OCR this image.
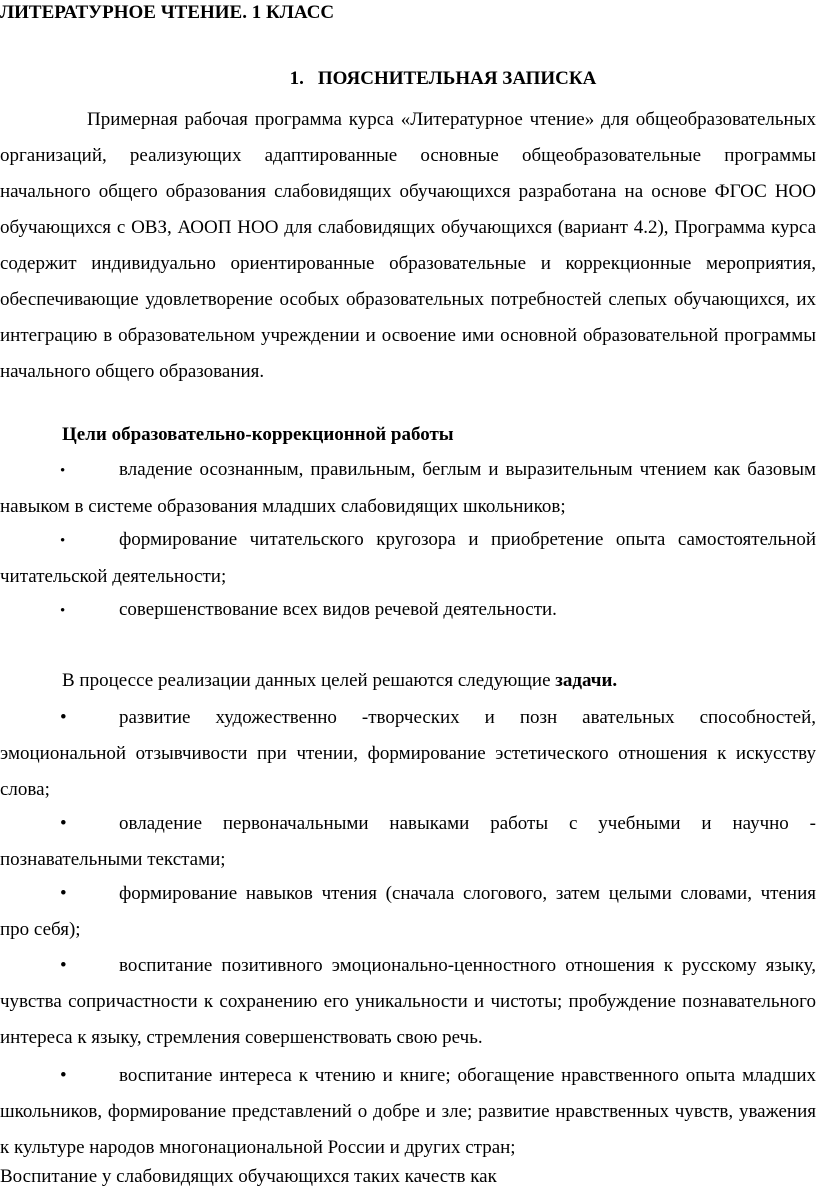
ЛИТЕРАТУРНОЕ ЧТЕНИЕ. 1 КЛАСС
1. ПОЯСНИТЕЛЬНАЯ ЗАПИСКА
Примерная рабочая программа курса «Литературное чтение» для общеобразовательных организаций, реализующих адаптированные основные общеобразовательные программы начального общего образования слабовидящих обучающихся разработана на основе ФГОС НОО обучающихся с ОВЗ, АООП НОО для слабовидящих обучающихся (вариант 4.2), Программа курса содержит индивидуально ориентированные образовательные и коррекционные мероприятия, обеспечивающие удовлетворение особых образовательных потребностей слепых обучающихся, их интеграцию в образовательном учреждении и освоение ими основной образовательной программы начального общего образования.
Цели образовательно-коррекционной работы
•	владение осознанным, правильным, беглым и выразительным чтением как базовым навыком в системе образования младших слабовидящих школьников;
•	формирование читательского кругозора и приобретение опыта самостоятельной читательской деятельности;
•	совершенствование всех видов речевой деятельности.
В процессе реализации данных целей решаются следующие задачи.
•	развитие художественно -творческих и позн авательных способностей, эмоциональной отзывчивости при чтении, формирование эстетического отношения к искусству слова;
•	овладение первоначальными навыками работы с учебными и научно - познавательными текстами;
•	формирование навыков чтения (сначала слогового, затем целыми словами, чтения про себя);
•	воспитание позитивного эмоционально-ценностного отношения к русскому языку, чувства сопричастности к сохранению его уникальности и чистоты; пробуждение познавательного интереса к языку, стремления совершенствовать свою речь.
•	воспитание интереса к чтению и книге; обогащение нравственного опыта младших школьников, формирование представлений о добре и зле; развитие нравственных чувств, уважения к культуре народов многонациональной России и других стран;
Воспитание у слабовидящих обучающихся таких качеств как
